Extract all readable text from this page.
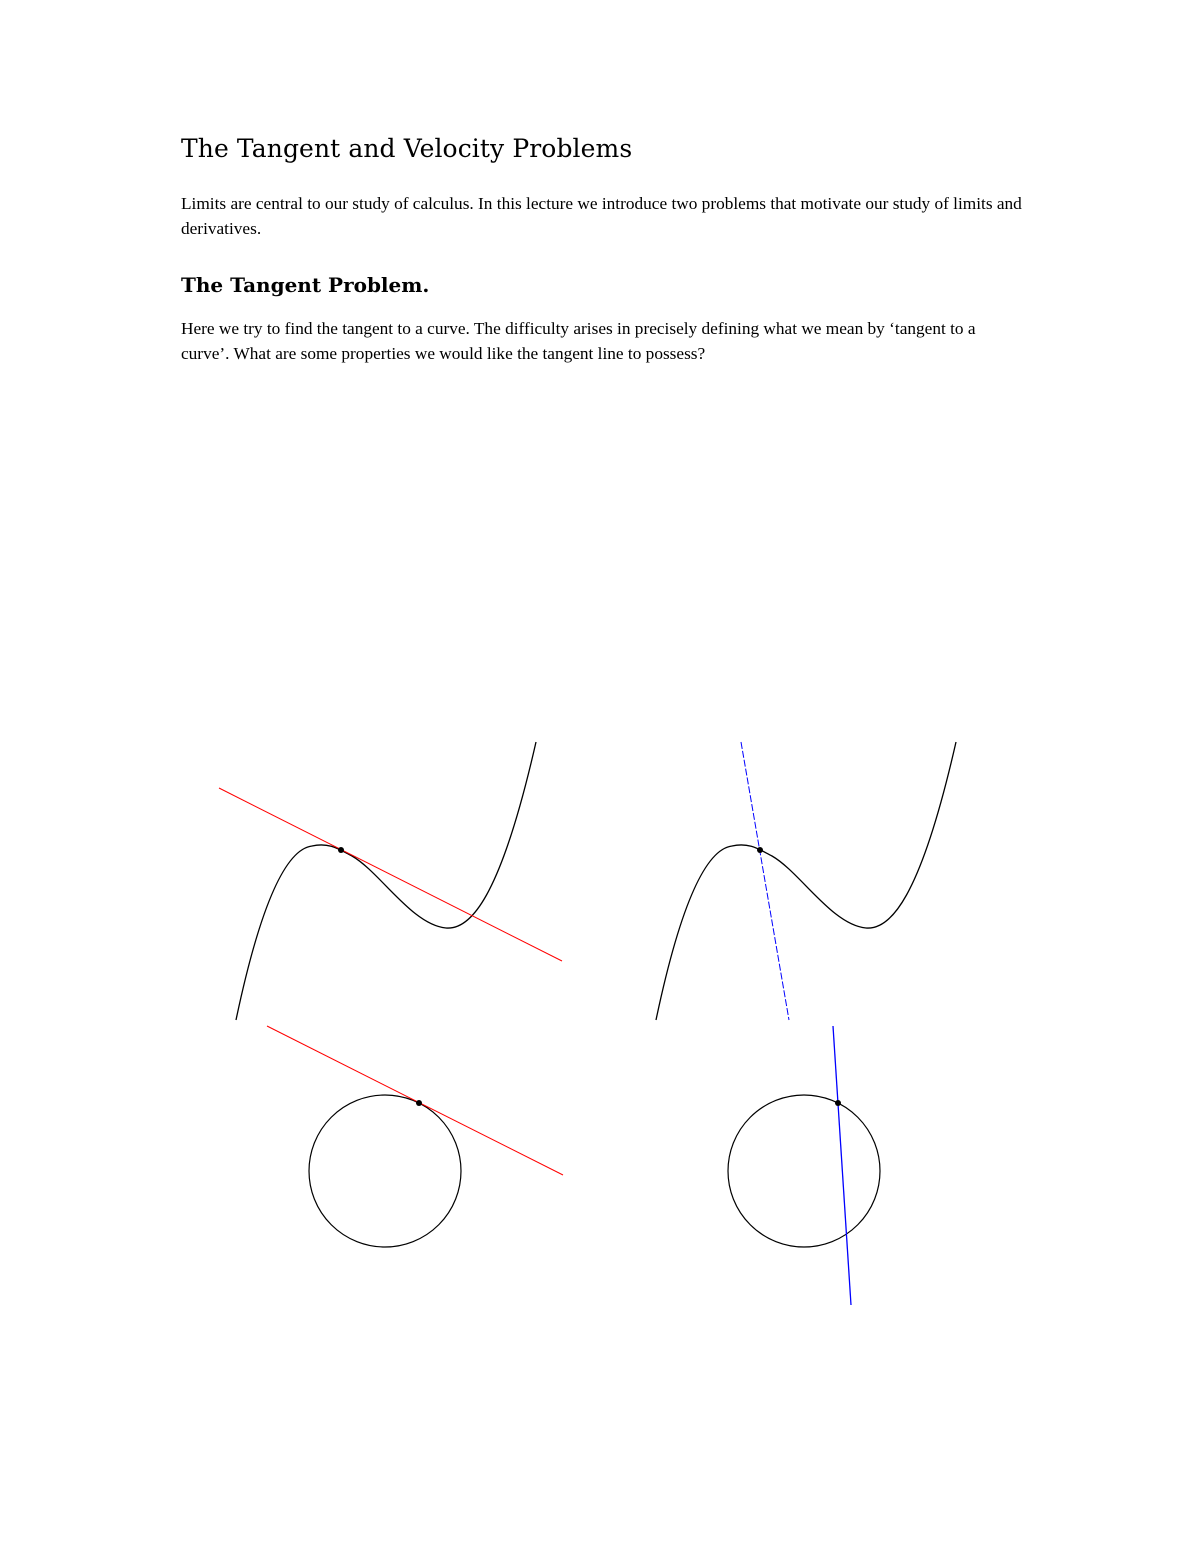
The Tangent and Velocity Problems

Limits are central to our study of calculus. In this lecture we introduce two problems that motivate our study of limits and derivatives.

The Tangent Problem.

Here we try to find the tangent to a curve. The difficulty arises in precisely defining what we mean by ‘tangent to a curve’. What are some properties we would like the tangent line to possess?
